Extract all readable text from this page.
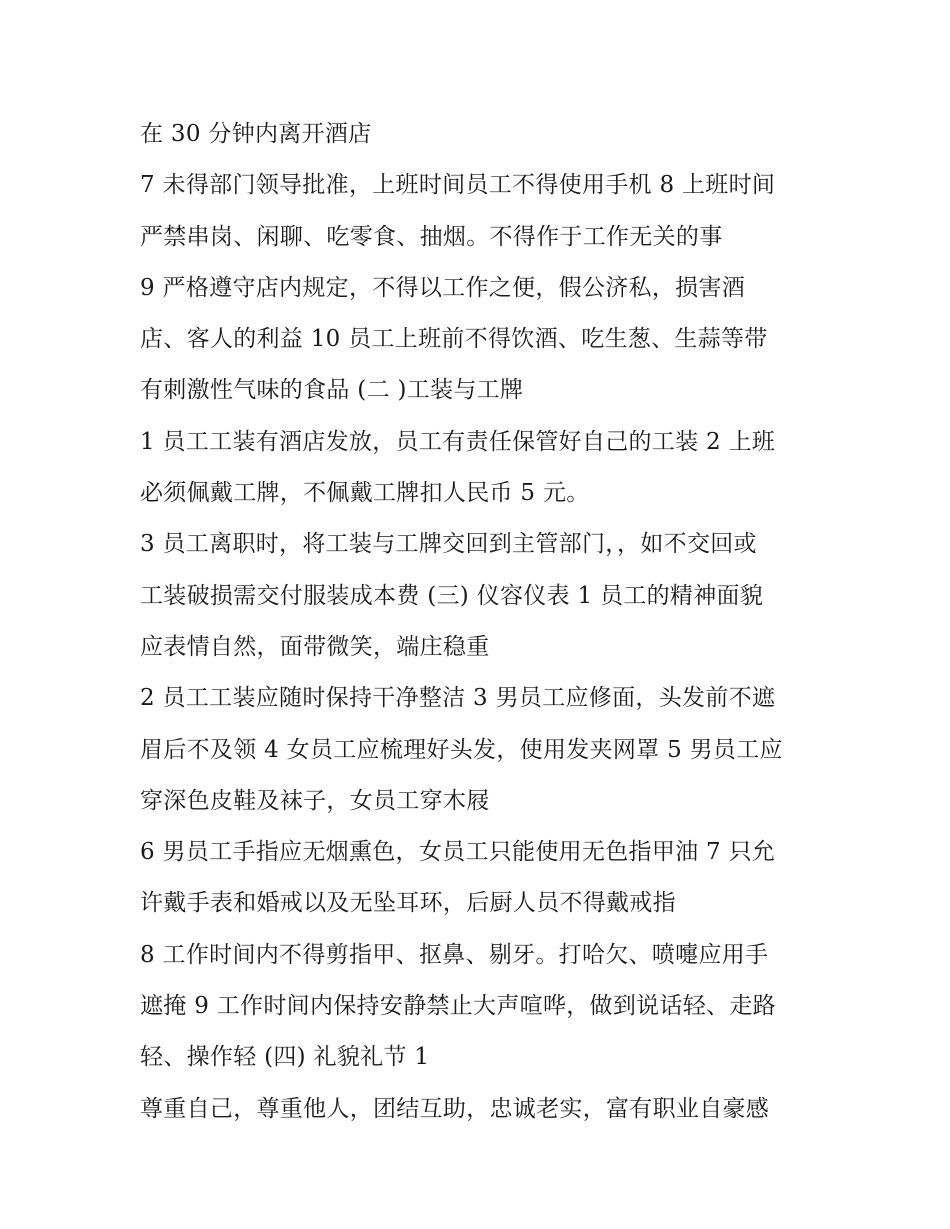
在 30 分钟内离开酒店
7 未得部门领导批准，上班时间员工不得使用手机 8 上班时间
严禁串岗、闲聊、吃零食、抽烟。不得作于工作无关的事
9 严格遵守店内规定，不得以工作之便，假公济私，损害酒
店、客人的利益 10 员工上班前不得饮酒、吃生葱、生蒜等带
有刺激性气味的食品 (二 )工装与工牌
1 员工工装有酒店发放，员工有责任保管好自己的工装 2 上班
必须佩戴工牌，不佩戴工牌扣人民币 5 元。
3 员工离职时，将工装与工牌交回到主管部门，，如不交回或
工装破损需交付服装成本费 (三) 仪容仪表 1 员工的精神面貌
应表情自然，面带微笑，端庄稳重
2 员工工装应随时保持干净整洁 3 男员工应修面，头发前不遮
眉后不及领 4 女员工应梳理好头发，使用发夹网罩 5 男员工应
穿深色皮鞋及袜子，女员工穿木屐
6 男员工手指应无烟熏色，女员工只能使用无色指甲油 7 只允
许戴手表和婚戒以及无坠耳环，后厨人员不得戴戒指
8 工作时间内不得剪指甲、抠鼻、剔牙。打哈欠、喷嚏应用手
遮掩 9 工作时间内保持安静禁止大声喧哗，做到说话轻、走路
轻、操作轻 (四) 礼貌礼节 1
尊重自己，尊重他人，团结互助，忠诚老实，富有职业自豪感
